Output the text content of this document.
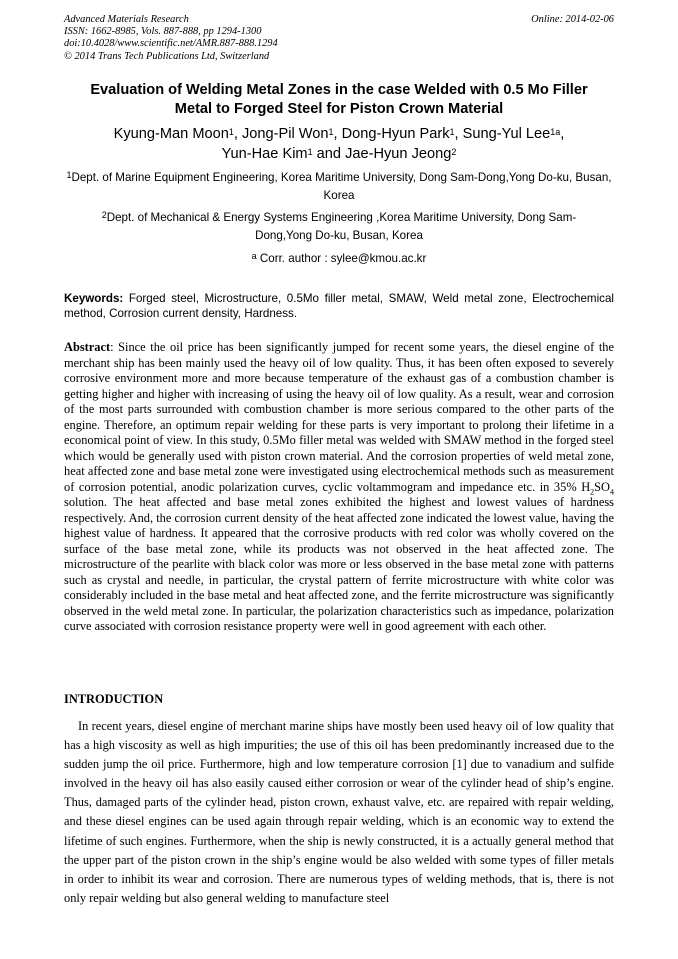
Advanced Materials Research
ISSN: 1662-8985, Vols. 887-888, pp 1294-1300
doi:10.4028/www.scientific.net/AMR.887-888.1294
© 2014 Trans Tech Publications Ltd, Switzerland
Online: 2014-02-06
Evaluation of Welding Metal Zones in the case Welded with 0.5 Mo Filler
Metal to Forged Steel for Piston Crown Material
Kyung-Man Moon$^1$, Jong-Pil Won$^1$, Dong-Hyun Park$^1$, Sung-Yul Lee$^{1a}$,
Yun-Hae Kim$^1$ and Jae-Hyun Jeong$^2$
$^1$Dept. of Marine Equipment Engineering, Korea Maritime University, Dong Sam-Dong,Yong Do-ku, Busan, Korea
$^2$Dept. of Mechanical & Energy Systems Engineering ,Korea Maritime University, Dong Sam-Dong,Yong Do-ku, Busan, Korea
$^a$ Corr. author : sylee@kmou.ac.kr
Keywords: Forged steel, Microstructure, 0.5Mo filler metal, SMAW, Weld metal zone, Electrochemical method, Corrosion current density, Hardness.
Abstract: Since the oil price has been significantly jumped for recent some years, the diesel engine of the merchant ship has been mainly used the heavy oil of low quality. Thus, it has been often exposed to severely corrosive environment more and more because temperature of the exhaust gas of a combustion chamber is getting higher and higher with increasing of using the heavy oil of low quality. As a result, wear and corrosion of the most parts surrounded with combustion chamber is more serious compared to the other parts of the engine. Therefore, an optimum repair welding for these parts is very important to prolong their lifetime in a economical point of view. In this study, 0.5Mo filler metal was welded with SMAW method in the forged steel which would be generally used with piston crown material. And the corrosion properties of weld metal zone, heat affected zone and base metal zone were investigated using electrochemical methods such as measurement of corrosion potential, anodic polarization curves, cyclic voltammogram and impedance etc. in 35% $H_2SO_4$ solution. The heat affected and base metal zones exhibited the highest and lowest values of hardness respectively. And, the corrosion current density of the heat affected zone indicated the lowest value, having the highest value of hardness. It appeared that the corrosive products with red color was wholly covered on the surface of the base metal zone, while its products was not observed in the heat affected zone. The microstructure of the pearlite with black color was more or less observed in the base metal zone with patterns such as crystal and needle, in particular, the crystal pattern of ferrite microstructure with white color was considerably included in the base metal and heat affected zone, and the ferrite microstructure was significantly observed in the weld metal zone. In particular, the polarization characteristics such as impedance, polarization curve associated with corrosion resistance property were well in good agreement with each other.
INTRODUCTION
In recent years, diesel engine of merchant marine ships have mostly been used heavy oil of low quality that has a high viscosity as well as high impurities; the use of this oil has been predominantly increased due to the sudden jump the oil price. Furthermore, high and low temperature corrosion [1] due to vanadium and sulfide involved in the heavy oil has also easily caused either corrosion or wear of the cylinder head of ship’s engine. Thus, damaged parts of the cylinder head, piston crown, exhaust valve, etc. are repaired with repair welding, and these diesel engines can be used again through repair welding, which is an economic way to extend the lifetime of such engines. Furthermore, when the ship is newly constructed, it is a actually general method that the upper part of the piston crown in the ship’s engine would be also welded with some types of filler metals in order to inhibit its wear and corrosion. There are numerous types of welding methods, that is, there is not only repair welding but also general welding to manufacture steel
